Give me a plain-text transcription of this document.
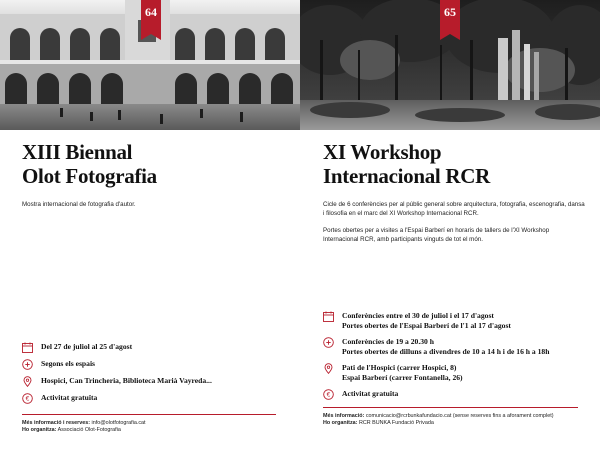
64
XIII Biennal
Olot Fotografia
Mostra internacional de fotografia d'autor.
Del 27 de juliol al 25 d'agost
Segons els espais
Hospici, Can Trincheria, Biblioteca Marià Vayreda...
€ Activitat gratuïta
Més informació i reserves: info@olotfotografia.cat
Ho organitza: Associació Olot-Fotografia
65
XI Workshop
Internacional RCR

Cicle de 6 conferències per al públic general sobre arquitectura, fotografia, escenografia, dansa i filosofia en el marc del XI Workshop Internacional RCR.

Portes obertes per a visites a l'Espai Barberí en horaris de tallers de l'XI Workshop Internacional RCR, amb participants vinguts de tot el món.

Conferències entre el 30 de juliol i el 17 d'agost
Portes obertes de l'Espai Barberí de l'1 al 17 d'agost
Conferències de 19 a 20.30 h
Portes obertes de dilluns a divendres de 10 a 14 h i de 16 h a 18h
Pati de l'Hospici (carrer Hospici, 8)
Espai Barberí (carrer Fontanella, 26)
€ Activitat gratuïta
Més informació: comunicacio@rcrbunkafundacio.cat (sense reserves fins a aforament complet)
Ho organitza: RCR BUNKA Fundació Privada
